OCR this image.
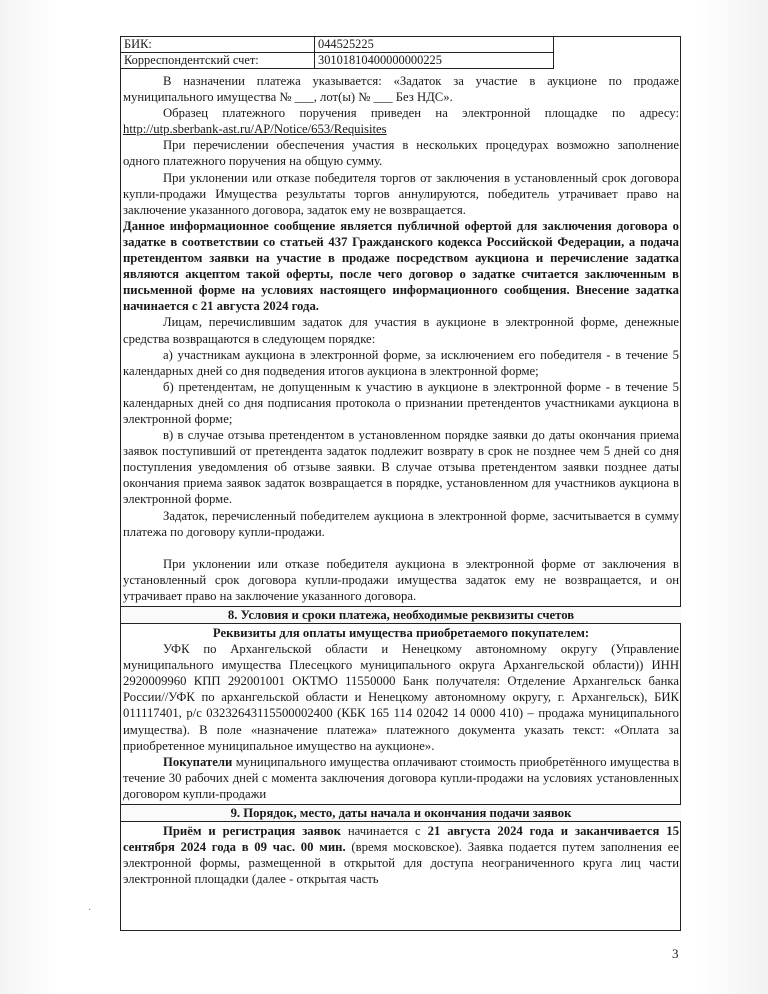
БИК:	044525225
Корреспондентский счет:	30101810400000000225

В назначении платежа указывается: «Задаток за участие в аукционе по продаже муниципального имущества № ___, лот(ы) № ___ Без НДС».

Образец платежного поручения приведен на электронной площадке по адресу: http://utp.sberbank-ast.ru/AP/Notice/653/Requisites

При перечислении обеспечения участия в нескольких процедурах возможно заполнение одного платежного поручения на общую сумму.

При уклонении или отказе победителя торгов от заключения в установленный срок договора купли-продажи Имущества результаты торгов аннулируются, победитель утрачивает право на заключение указанного договора, задаток ему не возвращается.

Данное информационное сообщение является публичной офертой для заключения договора о задатке в соответствии со статьей 437 Гражданского кодекса Российской Федерации, а подача претендентом заявки на участие в продаже посредством аукциона и перечисление задатка являются акцептом такой оферты, после чего договор о задатке считается заключенным в письменной форме на условиях настоящего информационного сообщения. Внесение задатка начинается с 21 августа 2024 года.

Лицам, перечислившим задаток для участия в аукционе в электронной форме, денежные средства возвращаются в следующем порядке:

а) участникам аукциона в электронной форме, за исключением его победителя - в течение 5 календарных дней со дня подведения итогов аукциона в электронной форме;

б) претендентам, не допущенным к участию в аукционе в электронной форме - в течение 5 календарных дней со дня подписания протокола о признании претендентов участниками аукциона в электронной форме;

в) в случае отзыва претендентом в установленном порядке заявки до даты окончания приема заявок поступивший от претендента задаток подлежит возврату в срок не позднее чем 5 дней со дня поступления уведомления об отзыве заявки. В случае отзыва претендентом заявки позднее даты окончания приема заявок задаток возвращается в порядке, установленном для участников аукциона в электронной форме.

Задаток, перечисленный победителем аукциона в электронной форме, засчитывается в сумму платежа по договору купли-продажи.

При уклонении или отказе победителя аукциона в электронной форме от заключения в установленный срок договора купли-продажи имущества задаток ему не возвращается, и он утрачивает право на заключение указанного договора.

8. Условия и сроки платежа, необходимые реквизиты счетов

Реквизиты для оплаты имущества приобретаемого покупателем:

УФК по Архангельской области и Ненецкому автономному округу (Управление муниципального имущества Плесецкого муниципального округа Архангельской области)) ИНН 2920009960 КПП 292001001 ОКТМО 11550000 Банк получателя: Отделение Архангельск банка России//УФК по архангельской области и Ненецкому автономному округу, г. Архангельск), БИК 011117401, р/с 03232643115500002400 (КБК 165 114 02042 14 0000 410) – продажа муниципального имущества). В поле «назначение платежа» платежного документа указать текст: «Оплата за приобретенное муниципальное имущество на аукционе».

Покупатели муниципального имущества оплачивают стоимость приобретённого имущества в течение 30 рабочих дней с момента заключения договора купли-продажи на условиях установленных договором купли-продажи

9. Порядок, место, даты начала и окончания подачи заявок

Приём и регистрация заявок начинается с 21 августа 2024 года и заканчивается 15 сентября 2024 года в 09 час. 00 мин. (время московское). Заявка подается путем заполнения ее электронной формы, размещенной в открытой для доступа неограниченного круга лиц части электронной площадки (далее - открытая часть

·
3
